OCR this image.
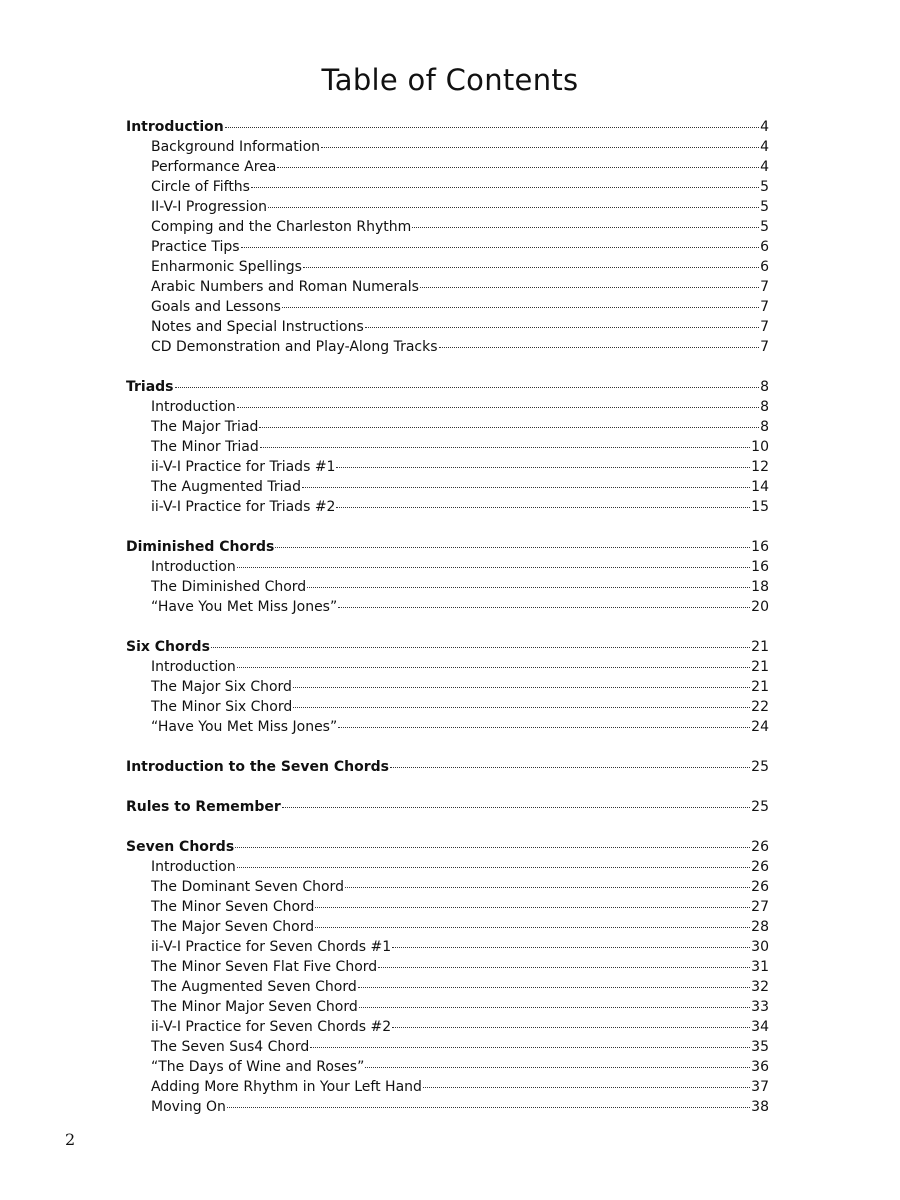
Table of Contents
Introduction	4
Background Information	4
Performance Area	4
Circle of Fifths	5
II-V-I Progression	5
Comping and the Charleston Rhythm	5
Practice Tips	6
Enharmonic Spellings	6
Arabic Numbers and Roman Numerals	7
Goals and Lessons	7
Notes and Special Instructions	7
CD Demonstration and Play-Along Tracks	7
Triads	8
Introduction	8
The Major Triad	8
The Minor Triad	10
ii-V-I Practice for Triads #1	12
The Augmented Triad	14
ii-V-I Practice for Triads #2	15
Diminished Chords	16
Introduction	16
The Diminished Chord	18
“Have You Met Miss Jones”	20
Six Chords	21
Introduction	21
The Major Six Chord	21
The Minor Six Chord	22
“Have You Met Miss Jones”	24
Introduction to the Seven Chords	25
Rules to Remember	25
Seven Chords	26
Introduction	26
The Dominant Seven Chord	26
The Minor Seven Chord	27
The Major Seven Chord	28
ii-V-I Practice for Seven Chords #1	30
The Minor Seven Flat Five Chord	31
The Augmented Seven Chord	32
The Minor Major Seven Chord	33
ii-V-I Practice for Seven Chords #2	34
The Seven Sus4 Chord	35
“The Days of Wine and Roses”	36
Adding More Rhythm in Your Left Hand	37
Moving On	38
2
